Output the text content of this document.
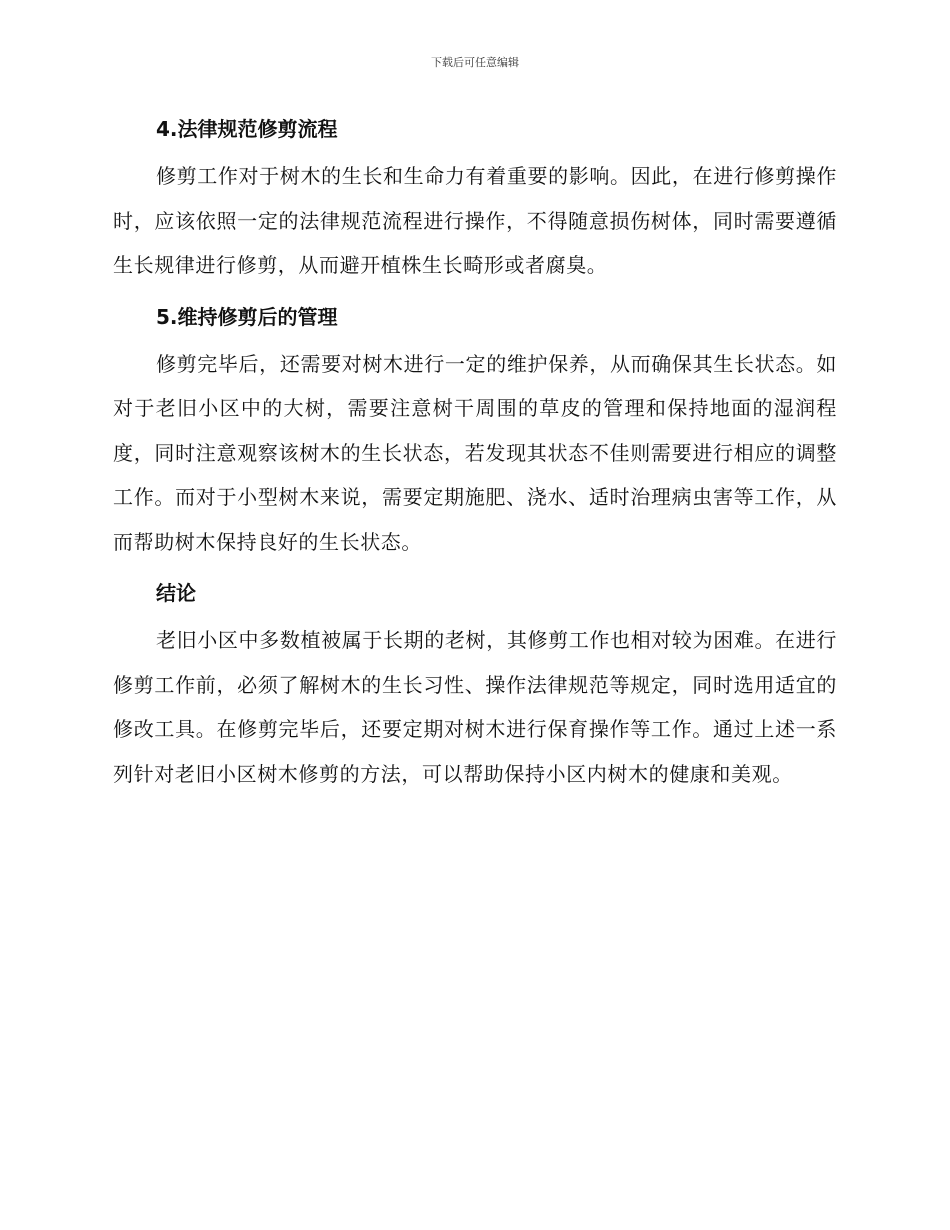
下载后可任意编辑
4.法律规范修剪流程

修剪工作对于树木的生长和生命力有着重要的影响。因此，在进行修剪操作时，应该依照一定的法律规范流程进行操作，不得随意损伤树体，同时需要遵循生长规律进行修剪，从而避开植株生长畸形或者腐臭。

5.维持修剪后的管理

修剪完毕后，还需要对树木进行一定的维护保养，从而确保其生长状态。如对于老旧小区中的大树，需要注意树干周围的草皮的管理和保持地面的湿润程度，同时注意观察该树木的生长状态，若发现其状态不佳则需要进行相应的调整工作。而对于小型树木来说，需要定期施肥、浇水、适时治理病虫害等工作，从而帮助树木保持良好的生长状态。

结论

老旧小区中多数植被属于长期的老树，其修剪工作也相对较为困难。在进行修剪工作前，必须了解树木的生长习性、操作法律规范等规定，同时选用适宜的修改工具。在修剪完毕后，还要定期对树木进行保育操作等工作。通过上述一系列针对老旧小区树木修剪的方法，可以帮助保持小区内树木的健康和美观。
